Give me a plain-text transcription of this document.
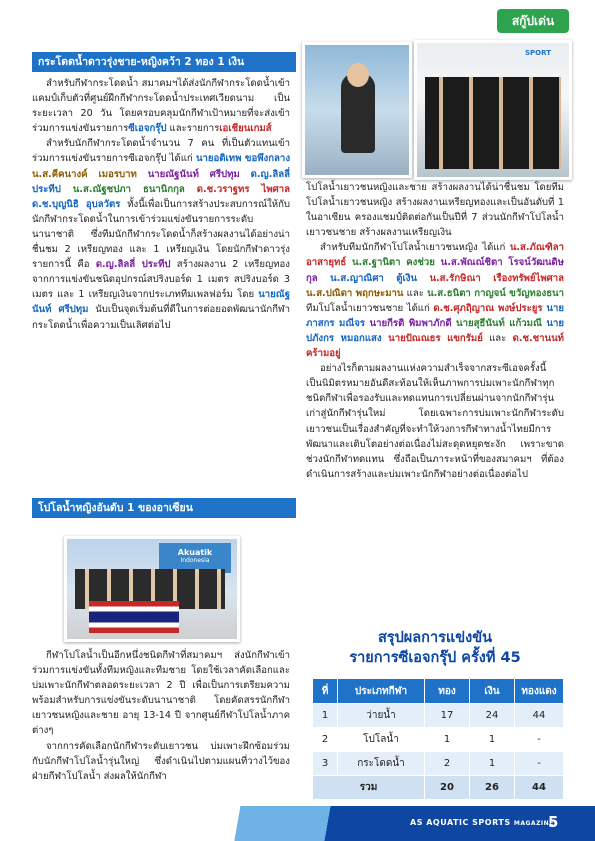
สกู๊ปเด่น
กระโดดน้ำดาวรุ่งชาย-หญิงคว้า 2 ทอง 1 เงิน

สำหรับกีฬากระโดดน้ำ สมาคมฯได้ส่งนักกีฬากระโดดน้ำเข้าแคมป์เก็บตัวที่ศูนย์ฝึกกีฬากระโดดน้ำประเทศเวียดนาม เป็นระยะเวลา 20 วัน โดยครอบคลุมนักกีฬาเป้าหมายที่จะส่งเข้าร่วมการแข่งขันรายการซีเอจกรุ๊ป และรายการเอเชียนเกมส์

สำหรับนักกีฬากระโดดน้ำจำนวน 7 คน ที่เป็นตัวแทนเข้าร่วมการแข่งขันรายการซีเอจกรุ๊ป ได้แก่ นายอติเทพ ขอพึงกลาง น.ส.คีคนางค์ เมอรบาท นายณัฐนันท์ ศรีปทุม ด.ญ.ลิลลี่ ประทีป น.ส.ณัฐชปภา ธนานิกกุล ด.ช.วราฐทร ไพศาล ด.ช.บุญนิธิ อุบลวัตร ทั้งนี้เพื่อเป็นการสร้างประสบการณ์ให้กับนักกีฬากระโดดน้ำในการเข้าร่วมแข่งขันรายการระดับนานาชาติ ซึ่งทีมนักกีฬากระโดดน้ำก็สร้างผลงานได้อย่างน่าชื่นชม 2 เหรียญทอง และ 1 เหรียญเงิน โดยนักกีฬาดาวรุ่งรายการนี้ คือ ด.ญ.ลิลลี่ ประทีป สร้างผลงาน 2 เหรียญทอง จากการแข่งขันชนิดอุปกรณ์สปริงบอร์ด 1 เมตร สปริงบอร์ด 3 เมตร และ 1 เหรียญเงินจากประเภททีมเพลฟอร์ม โดย นายณัฐนันท์ ศรีปทุม นับเป็นจุดเริ่มต้นที่ดีในการต่อยอดพัฒนานักกีฬากระโดดน้ำเพื่อความเป็นเลิศต่อไป

โปโลน้ำหญิงอันดับ 1 ของอาเซียน
Akuatik
Indonesia

กีฬาโปโลน้ำเป็นอีกหนึ่งชนิดกีฬาที่สมาคมฯ ส่งนักกีฬาเข้าร่วมการแข่งขันทั้งทีมหญิงและทีมชาย โดยใช้เวลาคัดเลือกและบ่มเพาะนักกีฬาตลอดระยะเวลา 2 ปี เพื่อเป็นการเตรียมความพร้อมสำหรับการแข่งขันระดับนานาชาติ โดยคัดสรรนักกีฬาเยาวชนหญิงและชาย อายุ 13-14 ปี จากศูนย์กีฬาโปโลน้ำภาคต่างๆ

จากการคัดเลือกนักกีฬาระดับเยาวชน บ่มเพาะฝึกซ้อมร่วมกับนักกีฬาโปโลน้ำรุ่นใหญ่ ซึ่งดำเนินไปตามแผนที่วางไว้ของฝ่ายกีฬาโปโลน้ำ ส่งผลให้นักกีฬา

SPORT

โปโลน้ำเยาวชนหญิงและชาย สร้างผลงานได้น่าชื่นชม โดยทีมโปโลน้ำเยาวชนหญิง สร้างผลงานเหรียญทองและเป็นอันดับที่ 1 ในอาเซียน ครองแชมป์ติดต่อกันเป็นปีที่ 7 ส่วนนักกีฬาโปโลน้ำเยาวชนชาย สร้างผลงานเหรียญเงิน

สำหรับทีมนักกีฬาโปโลน้ำเยาวชนหญิง ได้แก่ น.ส.ภัณฑิลา อาสายุทธ์ น.ส.ฐานิตา คงช่วย น.ส.พัณณ์ชิตา โรจน์วัฒนดิษกุล น.ส.ญาณิศา ตู้เงิน น.ส.รักษิณา เรืองทรัพย์ไพศาล น.ส.ปณิดา พฤกษะมาน และ น.ส.ธนิตา กาญจน์ ขวัญทองธนา ทีมโปโลน้ำเยาวชนชาย ได้แก่ ด.ช.ศุภฤิญาณ พงษ์ประยูร นายภาสกร มณีจร นายกีรติ พิมพาภักดี นายสุธีนันท์ แก้วมณี นายปภังกร หมอกแสง นายปัณณธร แขกรัมย์ และ ด.ช.ชานนท์ คร้ามอยู่

อย่างไรก็ตามผลงานแห่งความสำเร็จจากสระซีเอจครั้งนี้ เป็นนิมิตรหมายอันดีสะท้อนให้เห็นภาพการบ่มเพาะนักกีฬาทุกชนิดกีฬาเพื่อรองรับและทดแทนการเปลี่ยนผ่านจากนักกีฬารุ่นเก่าสู่นักกีฬารุ่นใหม่ โดยเฉพาะการบ่มเพาะนักกีฬาระดับเยาวชนเป็นเรื่องสำคัญที่จะทำให้วงการกีฬาทางน้ำไทยมีการพัฒนาและเติบโตอย่างต่อเนื่องไม่สะดุดหยุดชะงัก เพราะขาดช่วงนักกีฬาทดแทน ซึ่งถือเป็นภาระหน้าที่ของสมาคมฯ ที่ต้องดำเนินการสร้างและบ่มเพาะนักกีฬาอย่างต่อเนื่องต่อไป

สรุปผลการแข่งขัน
รายการซีเอจกรุ๊ป ครั้งที่ 45
ที่	ประเภทกีฬา	ทอง	เงิน	ทองแดง
1	ว่ายน้ำ	17	24	44
2	โปโลน้ำ	1	1	-
3	กระโดดน้ำ	2	1	-
รวม		20	26	44
AS AQUATIC SPORTS MAGAZINE
5
